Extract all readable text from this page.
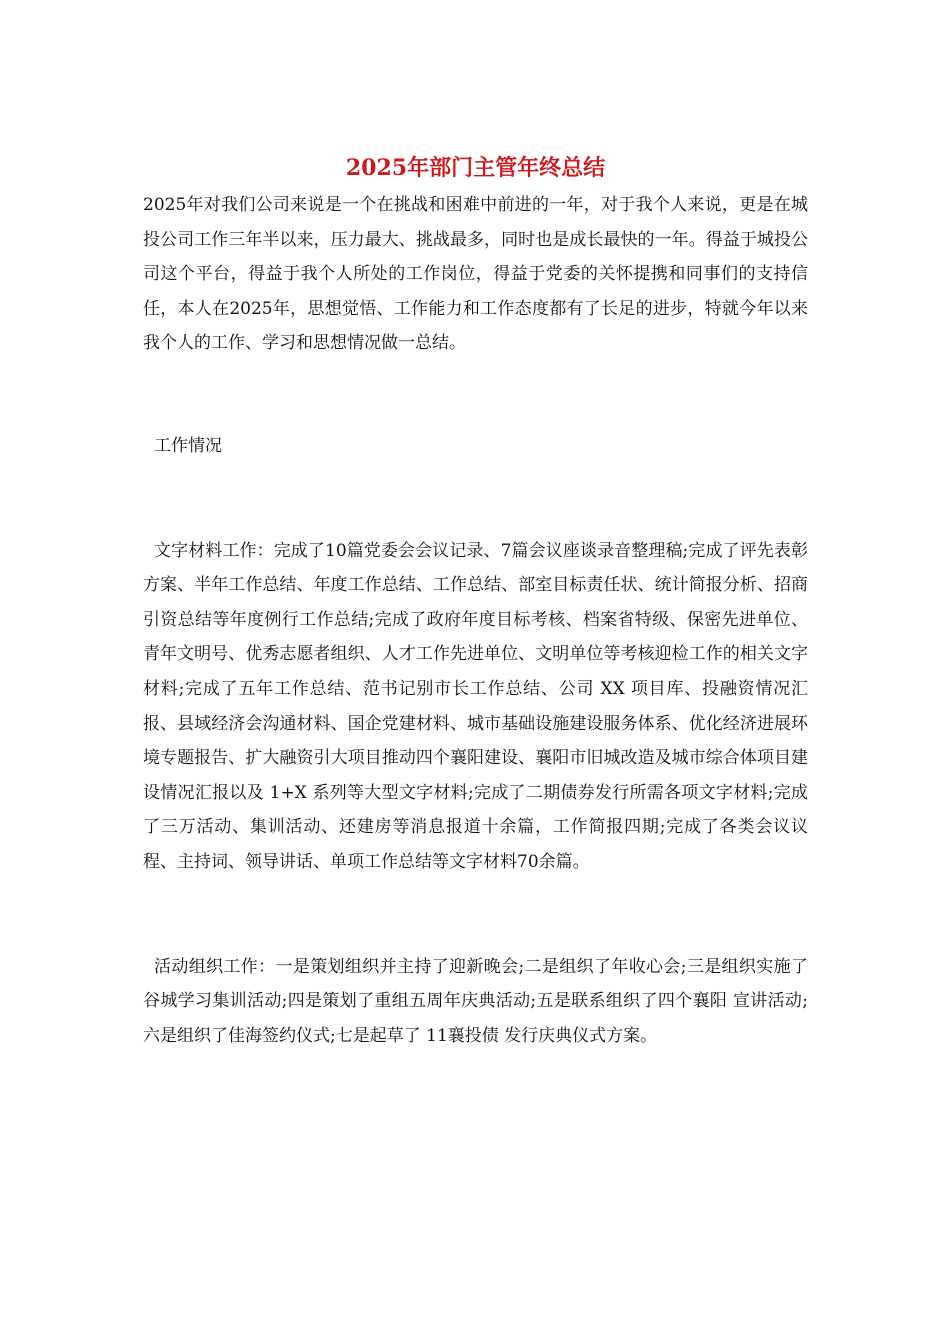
2025年部门主管年终总结

2025年对我们公司来说是一个在挑战和困难中前进的一年，对于我个人来说，更是在城投公司工作三年半以来，压力最大、挑战最多，同时也是成长最快的一年。得益于城投公司这个平台，得益于我个人所处的工作岗位，得益于党委的关怀提携和同事们的支持信任，本人在2025年，思想觉悟、工作能力和工作态度都有了长足的进步，特就今年以来我个人的工作、学习和思想情况做一总结。

工作情况

文字材料工作：完成了10篇党委会会议记录、7篇会议座谈录音整理稿;完成了评先表彰方案、半年工作总结、年度工作总结、工作总结、部室目标责任状、统计简报分析、招商引资总结等年度例行工作总结;完成了政府年度目标考核、档案省特级、保密先进单位、青年文明号、优秀志愿者组织、人才工作先进单位、文明单位等考核迎检工作的相关文字材料;完成了五年工作总结、范书记别市长工作总结、公司 XX 项目库、投融资情况汇报、县域经济会沟通材料、国企党建材料、城市基础设施建设服务体系、优化经济进展环境专题报告、扩大融资引大项目推动四个襄阳建设、襄阳市旧城改造及城市综合体项目建设情况汇报以及 1+X 系列等大型文字材料;完成了二期债券发行所需各项文字材料;完成了三万活动、集训活动、还建房等消息报道十余篇，工作简报四期;完成了各类会议议程、主持词、领导讲话、单项工作总结等文字材料70余篇。

活动组织工作：一是策划组织并主持了迎新晚会;二是组织了年收心会;三是组织实施了谷城学习集训活动;四是策划了重组五周年庆典活动;五是联系组织了四个襄阳 宣讲活动;六是组织了佳海签约仪式;七是起草了 11襄投债 发行庆典仪式方案。
